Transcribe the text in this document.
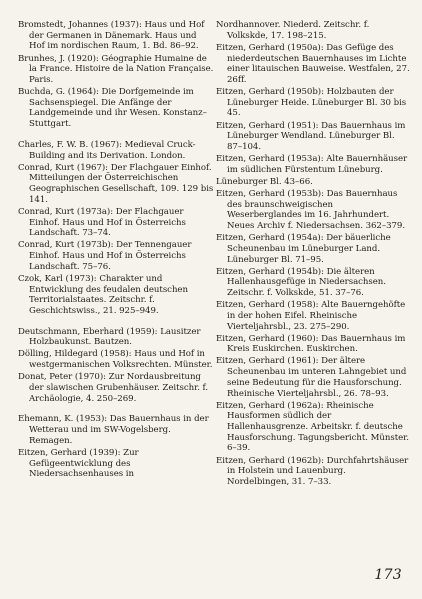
Bromstedt, Johannes (1937): Haus und Hof der Germanen in Dänemark. Haus und Hof im nordischen Raum, 1. Bd. 86–92.

Brunhes, J. (1920): Géographie Humaine de la France. Histoire de la Nation Française. Paris.

Buchda, G. (1964): Die Dorfgemeinde im Sachsenspiegel. Die Anfänge der Landgemeinde und ihr Wesen. Konstanz–Stuttgart.

Charles, F. W. B. (1967): Medieval Cruck-Building and its Derivation. London.

Conrad, Kurt (1967): Der Flachgauer Einhof. Mitteilungen der Österreichischen Geographischen Gesellschaft, 109. 129 bis 141.

Conrad, Kurt (1973a): Der Flachgauer Einhof. Haus und Hof in Österreichs Landschaft. 73–74.

Conrad, Kurt (1973b): Der Tennengauer Einhof. Haus und Hof in Österreichs Landschaft. 75–76.

Czok, Karl (1973): Charakter und Entwicklung des feudalen deutschen Territorialstaates. Zeitschr. f. Geschichtswiss., 21. 925–949.

Deutschmann, Eberhard (1959): Lausitzer Holzbaukunst. Bautzen.

Dölling, Hildegard (1958): Haus und Hof in westgermanischen Volksrechten. Münster.

Donat, Peter (1970): Zur Nordausbreitung der slawischen Grubenhäuser. Zeitschr. f. Archäologie, 4. 250–269.

Ehemann, K. (1953): Das Bauernhaus in der Wetterau und im SW-Vogelsberg. Remagen.

Eitzen, Gerhard (1939): Zur Gefügeentwicklung des Niedersachsenhauses in

Nordhannover. Niederd. Zeitschr. f. Volkskde, 17. 198–215.

Eitzen, Gerhard (1950a): Das Gefüge des niederdeutschen Bauernhauses im Lichte einer litauischen Bauweise. Westfalen, 27. 26ff.

Eitzen, Gerhard (1950b): Holzbauten der Lüneburger Heide. Lüneburger Bl. 30 bis 45.

Eitzen, Gerhard (1951): Das Bauernhaus im Lüneburger Wendland. Lüneburger Bl. 87–104.

Eitzen, Gerhard (1953a): Alte Bauernhäuser im südlichen Fürstentum Lüneburg.

Lüneburger Bl. 43–66.

Eitzen, Gerhard (1953b): Das Bauernhaus des braunschweigischen Weserberglandes im 16. Jahrhundert. Neues Archiv f. Niedersachsen. 362–379.

Eitzen, Gerhard (1954a): Der bäuerliche Scheunenbau im Lüneburger Land. Lüneburger Bl. 71–95.

Eitzen, Gerhard (1954b): Die älteren Hallenhausgefüge in Niedersachsen. Zeitschr. f. Volkskde, 51. 37–76.

Eitzen, Gerhard (1958): Alte Bauerngehöfte in der hohen Eifel. Rheinische Vierteljahrsbl., 23. 275–290.

Eitzen, Gerhard (1960): Das Bauernhaus im Kreis Euskirchen. Euskirchen.

Eitzen, Gerhard (1961): Der ältere Scheunenbau im unteren Lahngebiet und seine Bedeutung für die Hausforschung. Rheinische Vierteljahrsbl., 26. 78–93.

Eitzen, Gerhard (1962a): Rheinische Hausformen südlich der Hallenhausgrenze. Arbeitskr. f. deutsche Hausforschung. Tagungsbericht. Münster. 6–39.

Eitzen, Gerhard (1962b): Durchfahrtshäuser in Holstein und Lauenburg. Nordelbingen, 31. 7–33.

173
